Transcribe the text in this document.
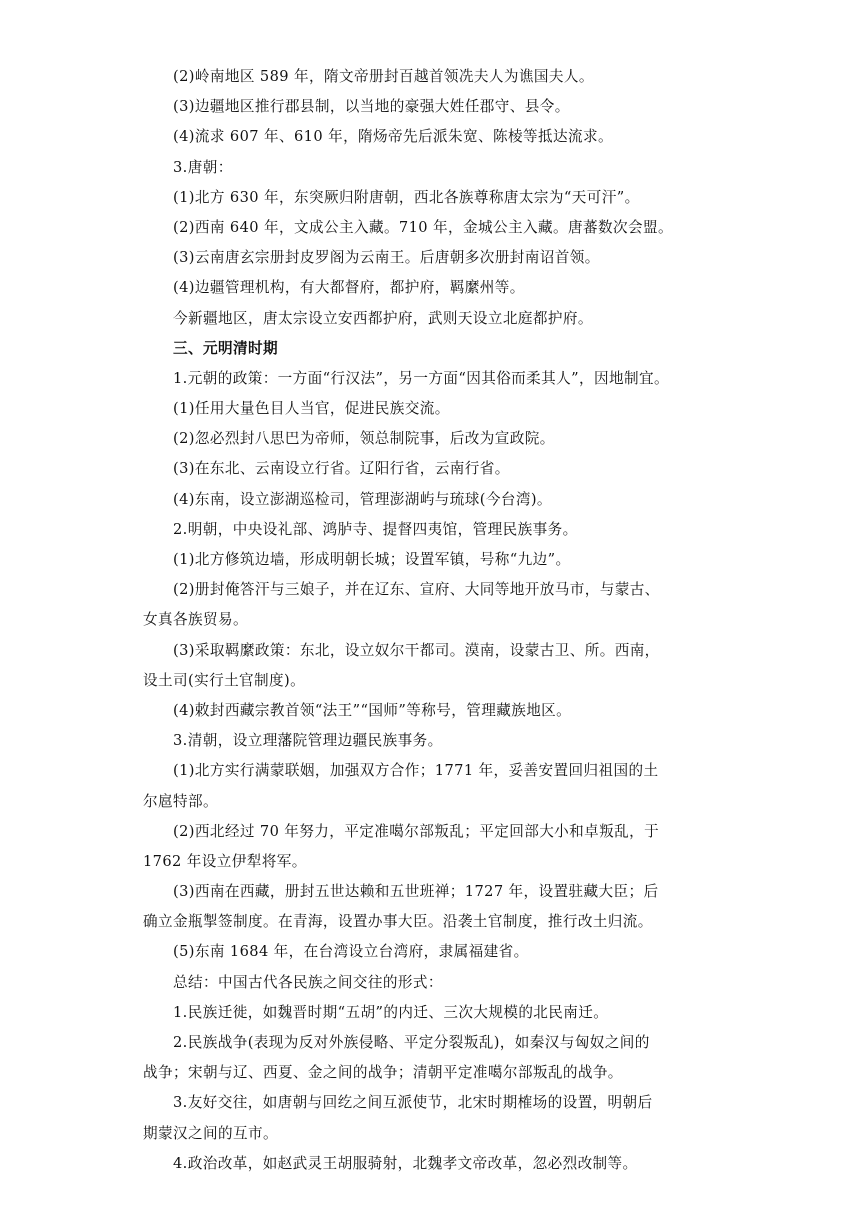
(2)岭南地区 589 年，隋文帝册封百越首领冼夫人为谯国夫人。
(3)边疆地区推行郡县制，以当地的豪强大姓任郡守、县令。
(4)流求 607 年、610 年，隋炀帝先后派朱宽、陈棱等抵达流求。
3.唐朝：
(1)北方 630 年，东突厥归附唐朝，西北各族尊称唐太宗为“天可汗”。
(2)西南 640 年，文成公主入藏。710 年，金城公主入藏。唐蕃数次会盟。
(3)云南唐玄宗册封皮罗阁为云南王。后唐朝多次册封南诏首领。
(4)边疆管理机构，有大都督府，都护府，羁縻州等。
今新疆地区，唐太宗设立安西都护府，武则天设立北庭都护府。
三、元明清时期
1.元朝的政策：一方面“行汉法”，另一方面“因其俗而柔其人”，因地制宜。
(1)任用大量色目人当官，促进民族交流。
(2)忽必烈封八思巴为帝师，领总制院事，后改为宣政院。
(3)在东北、云南设立行省。辽阳行省，云南行省。
(4)东南，设立澎湖巡检司，管理澎湖屿与琉球(今台湾)。
2.明朝，中央设礼部、鸿胪寺、提督四夷馆，管理民族事务。
(1)北方修筑边墙，形成明朝长城；设置军镇，号称“九边”。
(2)册封俺答汗与三娘子，并在辽东、宣府、大同等地开放马市，与蒙古、
女真各族贸易。
(3)采取羁縻政策：东北，设立奴尔干都司。漠南，设蒙古卫、所。西南，
设土司(实行土官制度)。
(4)敕封西藏宗教首领“法王”“国师”等称号，管理藏族地区。
3.清朝，设立理藩院管理边疆民族事务。
(1)北方实行满蒙联姻，加强双方合作；1771 年，妥善安置回归祖国的土
尔扈特部。
(2)西北经过 70 年努力，平定准噶尔部叛乱；平定回部大小和卓叛乱，于
1762 年设立伊犁将军。
(3)西南在西藏，册封五世达赖和五世班禅；1727 年，设置驻藏大臣；后
确立金瓶掣签制度。在青海，设置办事大臣。沿袭土官制度，推行改土归流。
(5)东南 1684 年，在台湾设立台湾府，隶属福建省。
总结：中国古代各民族之间交往的形式：
1.民族迁徙，如魏晋时期“五胡”的内迁、三次大规模的北民南迁。
2.民族战争(表现为反对外族侵略、平定分裂叛乱)，如秦汉与匈奴之间的
战争；宋朝与辽、西夏、金之间的战争；清朝平定准噶尔部叛乱的战争。
3.友好交往，如唐朝与回纥之间互派使节，北宋时期榷场的设置，明朝后
期蒙汉之间的互市。
4.政治改革，如赵武灵王胡服骑射，北魏孝文帝改革，忽必烈改制等。
